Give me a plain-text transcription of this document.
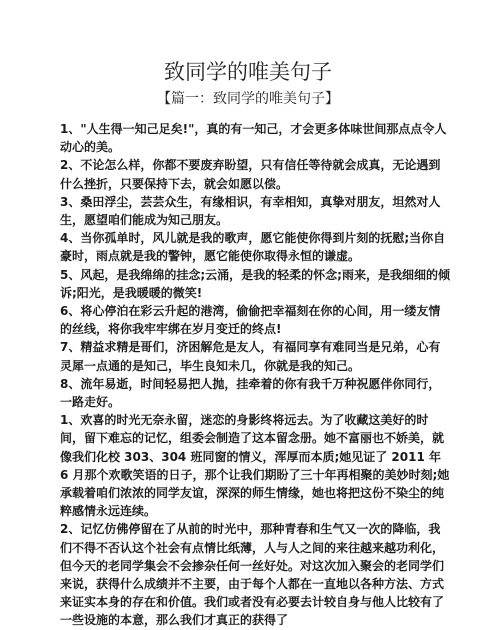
致同学的唯美句子
【篇一：致同学的唯美句子】

1、"人生得一知己足矣!"，真的有一知己，才会更多体味世间那点点令人动心的美。

2、不论怎么样，你都不要废弃盼望，只有信任等待就会成真，无论遇到什么挫折，只要保持下去，就会如愿以偿。

3、桑田浮尘，芸芸众生，有缘相识，有幸相知，真挚对朋友，坦然对人生，愿望咱们能成为知己朋友。

4、当你孤单时，风儿就是我的歌声，愿它能使你得到片刻的抚慰;当你自豪时，雨点就是我的警钟，愿它能使你取得永恒的谦虚。

5、风起，是我绵绵的挂念;云涌，是我的轻柔的怀念;雨来，是我细细的倾诉;阳光，是我暖暖的微笑!

6、将心停泊在彩云升起的港湾，偷偷把幸福刻在你的心间，用一缕友情的丝线，将你我牢牢绑在岁月变迁的终点!

7、精益求精是哥们，济困解危是友人，有福同享有难同当是兄弟，心有灵犀一点通的是知己，毕生良知未几，你就是我的知己。

8、流年易逝，时间轻易把人抛，挂牵着的你有我千万种祝愿伴你同行，一路走好。

1、欢喜的时光无奈永留，迷恋的身影终将远去。为了收藏这美好的时间，留下难忘的记忆，组委会制造了这本留念册。她不富丽也不娇美，就像我们化校 303、304 班同窗的情义，浑厚而本质;她见证了 2011 年 6 月那个欢歌笑语的日子，那个让我们期盼了三十年再相聚的美妙时刻;她承载着咱们浓浓的同学友谊，深深的师生情缘，她也将把这份不染尘的纯粹感情永远连续。

2、记忆仿佛停留在了从前的时光中，那种青春和生气又一次的降临，我们不得不否认这个社会有点情比纸薄，人与人之间的来往越来越功利化，但今天的老同学集会不会掺杂任何一丝好处。对这次加入聚会的老同学们来说，获得什么成绩并不主要，由于每个人都在一直地以各种方法、方式来证实本身的存在和价值。我们或者没有必要去计较自身与他人比较有了一些设施的本意，那么我们才真正的获得了
